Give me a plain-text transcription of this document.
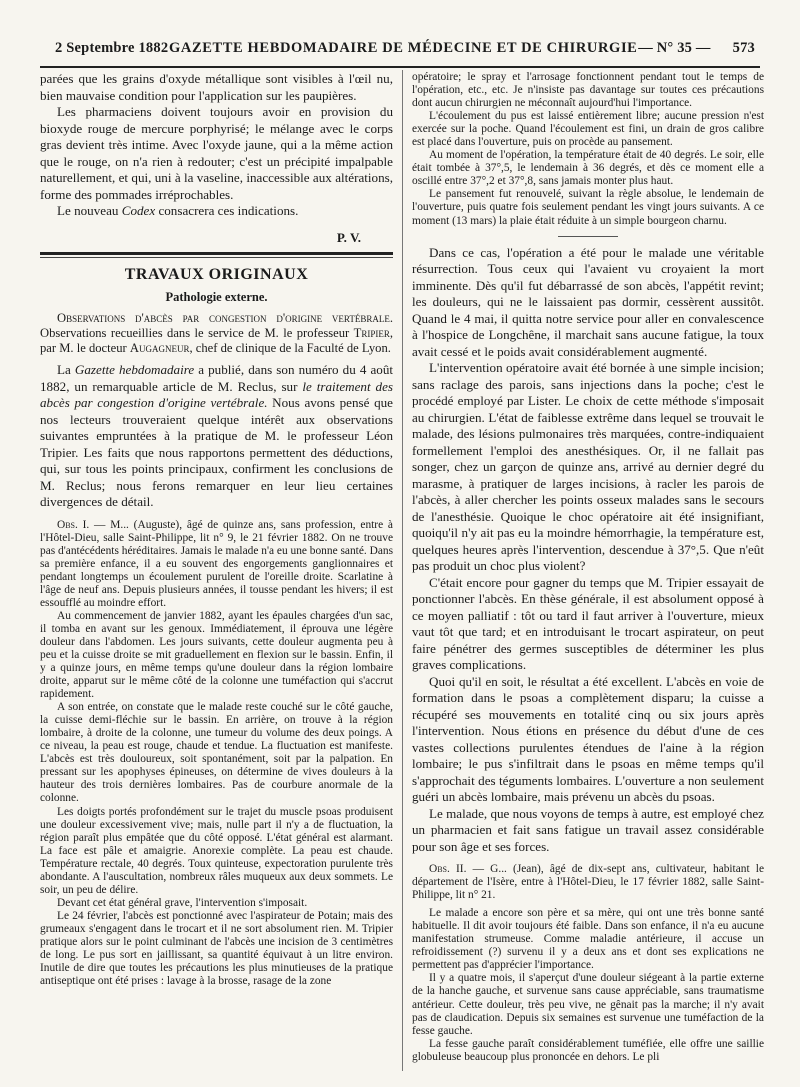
2 Septembre 1882 GAZETTE HEBDOMADAIRE DE MÉDECINE ET DE CHIRURGIE — N° 35 — 573

parées que les grains d'oxyde métallique sont visibles à l'œil nu, bien mauvaise condition pour l'application sur les paupières.

Les pharmaciens doivent toujours avoir en provision du bioxyde rouge de mercure porphyrisé; le mélange avec le corps gras devient très intime. Avec l'oxyde jaune, qui a la même action que le rouge, on n'a rien à redouter; c'est un précipité impalpable naturellement, et qui, uni à la vaseline, inaccessible aux altérations, forme des pommades irréprochables.

Le nouveau Codex consacrera ces indications.

P. V.

TRAVAUX ORIGINAUX
Pathologie externe.

Observations d'abcès par congestion d'origine vertébrale. Observations recueillies dans le service de M. le professeur Tripier, par M. le docteur Augagneur, chef de clinique de la Faculté de Lyon.

La Gazette hebdomadaire a publié, dans son numéro du 4 août 1882, un remarquable article de M. Reclus, sur le traitement des abcès par congestion d'origine vertébrale. Nous avons pensé que nos lecteurs trouveraient quelque intérêt aux observations suivantes empruntées à la pratique de M. le professeur Léon Tripier. Les faits que nous rapportons permettent des déductions, qui, sur tous les points principaux, confirment les conclusions de M. Reclus; nous ferons remarquer en leur lieu certaines divergences de détail.

Obs. I. — M... (Auguste), âgé de quinze ans, sans profession, entre à l'Hôtel-Dieu, salle Saint-Philippe, lit n° 9, le 21 février 1882. On ne trouve pas d'antécédents héréditaires. Jamais le malade n'a eu une bonne santé. Dans sa première enfance, il a eu souvent des engorgements ganglionnaires et pendant longtemps un écoulement purulent de l'oreille droite. Scarlatine à l'âge de neuf ans. Depuis plusieurs années, il tousse pendant les hivers; il est essoufflé au moindre effort.

Au commencement de janvier 1882, ayant les épaules chargées d'un sac, il tomba en avant sur les genoux. Immédiatement, il éprouva une légère douleur dans l'abdomen. Les jours suivants, cette douleur augmenta peu à peu et la cuisse droite se mit graduellement en flexion sur le bassin. Enfin, il y a quinze jours, en même temps qu'une douleur dans la région lombaire droite, apparut sur le même côté de la colonne une tuméfaction qui s'accrut rapidement.

A son entrée, on constate que le malade reste couché sur le côté gauche, la cuisse demi-fléchie sur le bassin. En arrière, on trouve à la région lombaire, à droite de la colonne, une tumeur du volume des deux poings. A ce niveau, la peau est rouge, chaude et tendue. La fluctuation est manifeste. L'abcès est très douloureux, soit spontanément, soit par la palpation. En pressant sur les apophyses épineuses, on détermine de vives douleurs à la hauteur des trois dernières lombaires. Pas de courbure anormale de la colonne.

Les doigts portés profondément sur le trajet du muscle psoas produisent une douleur excessivement vive; mais, nulle part il n'y a de fluctuation, la région paraît plus empâtée que du côté opposé. L'état général est alarmant. La face est pâle et amaigrie. Anorexie complète. La peau est chaude. Température rectale, 40 degrés. Toux quinteuse, expectoration purulente très abondante. A l'auscultation, nombreux râles muqueux aux deux sommets. Le soir, un peu de délire.

Devant cet état général grave, l'intervention s'imposait.

Le 24 février, l'abcès est ponctionné avec l'aspirateur de Potain; mais des grumeaux s'engagent dans le trocart et il ne sort absolument rien. M. Tripier pratique alors sur le point culminant de l'abcès une incision de 3 centimètres de long. Le pus sort en jaillissant, sa quantité équivaut à un litre environ. Inutile de dire que toutes les précautions les plus minutieuses de la pratique antiseptique ont été prises : lavage à la brosse, rasage de la zone

opératoire; le spray et l'arrosage fonctionnent pendant tout le temps de l'opération, etc., etc. Je n'insiste pas davantage sur toutes ces précautions dont aucun chirurgien ne méconnaît aujourd'hui l'importance.

L'écoulement du pus est laissé entièrement libre; aucune pression n'est exercée sur la poche. Quand l'écoulement est fini, un drain de gros calibre est placé dans l'ouverture, puis on procède au pansement.

Au moment de l'opération, la température était de 40 degrés. Le soir, elle était tombée à 37°,5, le lendemain à 36 degrés, et dès ce moment elle a oscillé entre 37°,2 et 37°,8, sans jamais monter plus haut.

Le pansement fut renouvelé, suivant la règle absolue, le lendemain de l'ouverture, puis quatre fois seulement pendant les vingt jours suivants. A ce moment (13 mars) la plaie était réduite à un simple bourgeon charnu.

Dans ce cas, l'opération a été pour le malade une véritable résurrection. Tous ceux qui l'avaient vu croyaient la mort imminente. Dès qu'il fut débarrassé de son abcès, l'appétit revint; les douleurs, qui ne le laissaient pas dormir, cessèrent aussitôt. Quand le 4 mai, il quitta notre service pour aller en convalescence à l'hospice de Longchêne, il marchait sans aucune fatigue, la toux avait cessé et le poids avait considérablement augmenté.

L'intervention opératoire avait été bornée à une simple incision; sans raclage des parois, sans injections dans la poche; c'est le procédé employé par Lister. Le choix de cette méthode s'imposait au chirurgien. L'état de faiblesse extrême dans lequel se trouvait le malade, des lésions pulmonaires très marquées, contre-indiquaient formellement l'emploi des anesthésiques. Or, il ne fallait pas songer, chez un garçon de quinze ans, arrivé au dernier degré du marasme, à pratiquer de larges incisions, à racler les parois de l'abcès, à aller chercher les points osseux malades sans le secours de l'anesthésie. Quoique le choc opératoire ait été insignifiant, quoiqu'il n'y ait pas eu la moindre hémorrhagie, la température est, quelques heures après l'intervention, descendue à 37°,5. Que n'eût pas produit un choc plus violent?

C'était encore pour gagner du temps que M. Tripier essayait de ponctionner l'abcès. En thèse générale, il est absolument opposé à ce moyen palliatif : tôt ou tard il faut arriver à l'ouverture, mieux vaut tôt que tard; et en introduisant le trocart aspirateur, on peut faire pénétrer des germes susceptibles de déterminer les plus graves complications.

Quoi qu'il en soit, le résultat a été excellent. L'abcès en voie de formation dans le psoas a complètement disparu; la cuisse a récupéré ses mouvements en totalité cinq ou six jours après l'intervention. Nous étions en présence du début d'une de ces vastes collections purulentes étendues de l'aine à la région lombaire; le pus s'infiltrait dans le psoas en même temps qu'il s'approchait des téguments lombaires. L'ouverture a non seulement guéri un abcès lombaire, mais prévenu un abcès du psoas.

Le malade, que nous voyons de temps à autre, est employé chez un pharmacien et fait sans fatigue un travail assez considérable pour son âge et ses forces.

Obs. II. — G... (Jean), âgé de dix-sept ans, cultivateur, habitant le département de l'Isère, entre à l'Hôtel-Dieu, le 17 février 1882, salle Saint-Philippe, lit n° 21.

Le malade a encore son père et sa mère, qui ont une très bonne santé habituelle. Il dit avoir toujours été faible. Dans son enfance, il n'a eu aucune manifestation strumeuse. Comme maladie antérieure, il accuse un refroidissement (?) survenu il y a deux ans et dont ses explications ne permettent pas d'apprécier l'importance.

Il y a quatre mois, il s'aperçut d'une douleur siégeant à la partie externe de la hanche gauche, et survenue sans cause appréciable, sans traumatisme antérieur. Cette douleur, très peu vive, ne gênait pas la marche; il n'y avait pas de claudication. Depuis six semaines est survenue une tuméfaction de la fesse gauche.

La fesse gauche paraît considérablement tuméfiée, elle offre une saillie globuleuse beaucoup plus prononcée en dehors. Le pli
